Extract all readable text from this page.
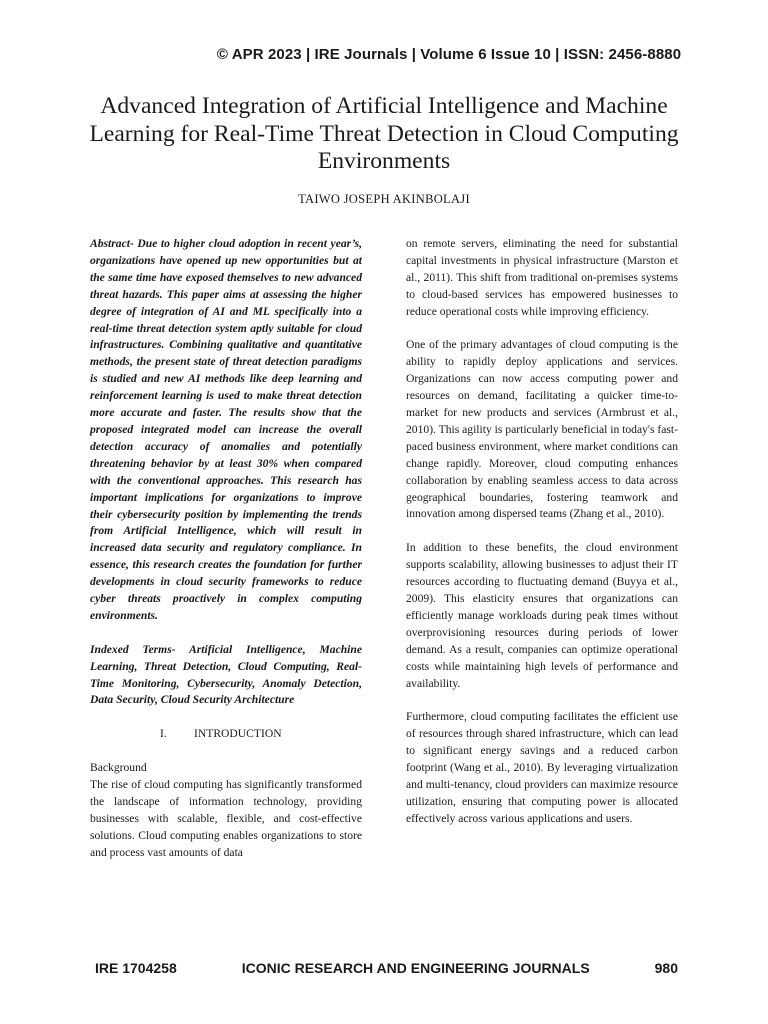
© APR 2023 | IRE Journals | Volume 6 Issue 10 | ISSN: 2456-8880
Advanced Integration of Artificial Intelligence and Machine Learning for Real-Time Threat Detection in Cloud Computing Environments
TAIWO JOSEPH AKINBOLAJI

Abstract- Due to higher cloud adoption in recent year’s, organizations have opened up new opportunities but at the same time have exposed themselves to new advanced threat hazards. This paper aims at assessing the higher degree of integration of AI and ML specifically into a real-time threat detection system aptly suitable for cloud infrastructures. Combining qualitative and quantitative methods, the present state of threat detection paradigms is studied and new AI methods like deep learning and reinforcement learning is used to make threat detection more accurate and faster. The results show that the proposed integrated model can increase the overall detection accuracy of anomalies and potentially threatening behavior by at least 30% when compared with the conventional approaches. This research has important implications for organizations to improve their cybersecurity position by implementing the trends from Artificial Intelligence, which will result in increased data security and regulatory compliance. In essence, this research creates the foundation for further developments in cloud security frameworks to reduce cyber threats proactively in complex computing environments.

Indexed Terms- Artificial Intelligence, Machine Learning, Threat Detection, Cloud Computing, Real-Time Monitoring, Cybersecurity, Anomaly Detection, Data Security, Cloud Security Architecture

I. INTRODUCTION

Background
The rise of cloud computing has significantly transformed the landscape of information technology, providing businesses with scalable, flexible, and cost-effective solutions. Cloud computing enables organizations to store and process vast amounts of data

on remote servers, eliminating the need for substantial capital investments in physical infrastructure (Marston et al., 2011). This shift from traditional on-premises systems to cloud-based services has empowered businesses to reduce operational costs while improving efficiency.

One of the primary advantages of cloud computing is the ability to rapidly deploy applications and services. Organizations can now access computing power and resources on demand, facilitating a quicker time-to-market for new products and services (Armbrust et al., 2010). This agility is particularly beneficial in today's fast-paced business environment, where market conditions can change rapidly. Moreover, cloud computing enhances collaboration by enabling seamless access to data across geographical boundaries, fostering teamwork and innovation among dispersed teams (Zhang et al., 2010).

In addition to these benefits, the cloud environment supports scalability, allowing businesses to adjust their IT resources according to fluctuating demand (Buyya et al., 2009). This elasticity ensures that organizations can efficiently manage workloads during peak times without overprovisioning resources during periods of lower demand. As a result, companies can optimize operational costs while maintaining high levels of performance and availability.

Furthermore, cloud computing facilitates the efficient use of resources through shared infrastructure, which can lead to significant energy savings and a reduced carbon footprint (Wang et al., 2010). By leveraging virtualization and multi-tenancy, cloud providers can maximize resource utilization, ensuring that computing power is allocated effectively across various applications and users.

IRE 1704258	ICONIC RESEARCH AND ENGINEERING JOURNALS	980
